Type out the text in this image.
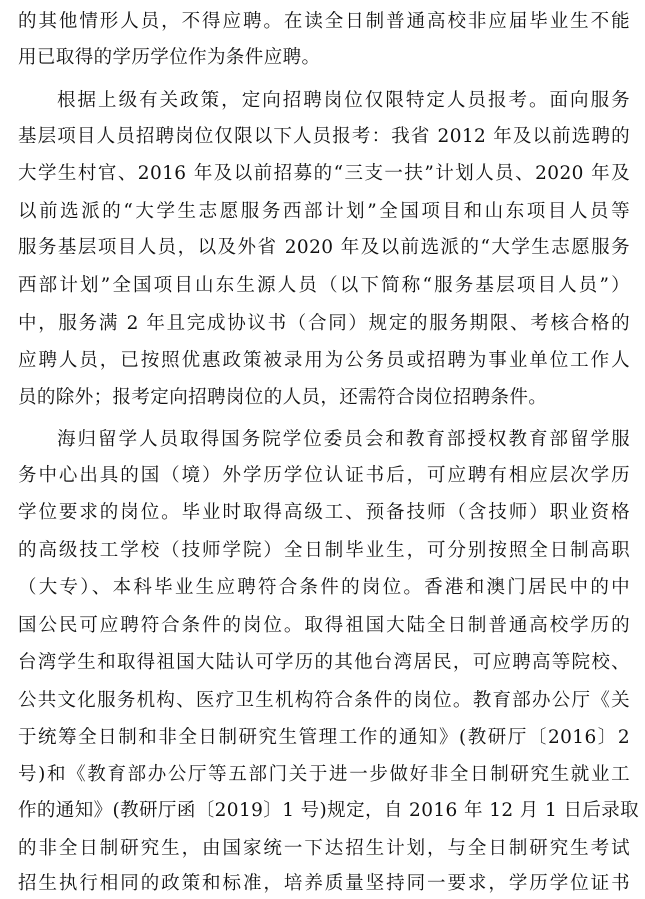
的其他情形人员，不得应聘。在读全日制普通高校非应届毕业生不能
用已取得的学历学位作为条件应聘。
根据上级有关政策，定向招聘岗位仅限特定人员报考。面向服务
基层项目人员招聘岗位仅限以下人员报考：我省 2012 年及以前选聘的
大学生村官、2016 年及以前招募的“三支一扶”计划人员、2020 年及
以前选派的“大学生志愿服务西部计划”全国项目和山东项目人员等
服务基层项目人员，以及外省 2020 年及以前选派的“大学生志愿服务
西部计划”全国项目山东生源人员（以下简称“服务基层项目人员”）
中，服务满 2 年且完成协议书（合同）规定的服务期限、考核合格的
应聘人员，已按照优惠政策被录用为公务员或招聘为事业单位工作人
员的除外；报考定向招聘岗位的人员，还需符合岗位招聘条件。
海归留学人员取得国务院学位委员会和教育部授权教育部留学服
务中心出具的国（境）外学历学位认证书后，可应聘有相应层次学历
学位要求的岗位。毕业时取得高级工、预备技师（含技师）职业资格
的高级技工学校（技师学院）全日制毕业生，可分别按照全日制高职
（大专）、本科毕业生应聘符合条件的岗位。香港和澳门居民中的中
国公民可应聘符合条件的岗位。取得祖国大陆全日制普通高校学历的
台湾学生和取得祖国大陆认可学历的其他台湾居民，可应聘高等院校、
公共文化服务机构、医疗卫生机构符合条件的岗位。教育部办公厅《关
于统筹全日制和非全日制研究生管理工作的通知》(教研厅〔2016〕2
号)和《教育部办公厅等五部门关于进一步做好非全日制研究生就业工
作的通知》(教研厅函〔2019〕1 号)规定，自 2016 年 12 月 1 日后录取
的非全日制研究生，由国家统一下达招生计划，与全日制研究生考试
招生执行相同的政策和标准，培养质量坚持同一要求，学历学位证书
